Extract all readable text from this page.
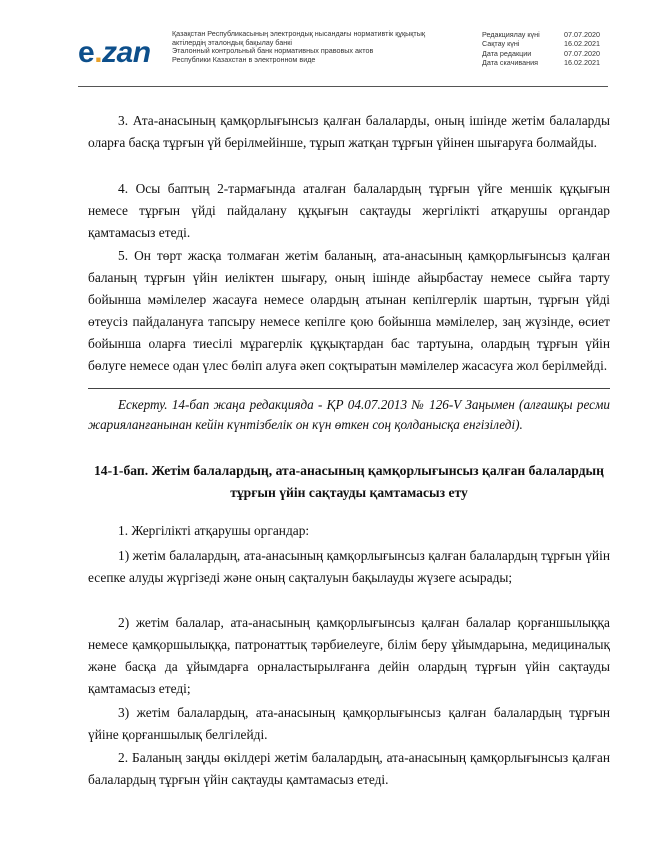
e.zan
Қазақстан Республикасының электрондық нысандағы нормативтік құқықтық
актілердің эталондық бақылау банкі
Эталонный контрольный банк нормативных правовых актов
Республики Казахстан в электронном виде
Редакциялау күні	07.07.2020
Сақтау күні	16.02.2021
Дата редакции	07.07.2020
Дата скачивания	16.02.2021
3. Ата-анасының қамқорлығынсыз қалған балаларды, оның ішінде жетім балаларды оларға басқа тұрғын үй берілмейінше, тұрып жатқан тұрғын үйінен шығаруға болмайды.
4. Осы баптың 2-тармағында аталған балалардың тұрғын үйге меншік құқығын немесе тұрғын үйді пайдалану құқығын сақтауды жергілікті атқарушы органдар қамтамасыз етеді.
5. Он төрт жасқа толмаған жетім баланың, ата-анасының қамқорлығынсыз қалған баланың тұрғын үйін иеліктен шығару, оның ішінде айырбастау немесе сыйға тарту бойынша мәмілелер жасауға немесе олардың атынан кепілгерлік шартын, тұрғын үйді өтеусіз пайдалануға тапсыру немесе кепілге қою бойынша мәмілелер, заң жүзінде, өсиет бойынша оларға тиесілі мұрагерлік құқықтардан бас тартуына, олардың тұрғын үйін бөлуге немесе одан үлес бөліп алуға әкеп соқтыратын мәмілелер жасасуға жол берілмейді.
Ескерту. 14-бап жаңа редакцияда - ҚР 04.07.2013 № 126-V Заңымен (алғашқы ресми жарияланғанынан кейін күнтізбелік он күн өткен соң қолданысқа енгізіледі).
14-1-бап. Жетім балалардың, ата-анасының қамқорлығынсыз қалған балалардың тұрғын үйін сақтауды қамтамасыз ету
1. Жергілікті атқарушы органдар:
1) жетім балалардың, ата-анасының қамқорлығынсыз қалған балалардың тұрғын үйін есепке алуды жүргізеді және оның сақталуын бақылауды жүзеге асырады;
2) жетім балалар, ата-анасының қамқорлығынсыз қалған балалар қорғаншылыққа немесе қамқоршылыққа, патронаттық тәрбиелеуге, білім беру ұйымдарына, медициналық және басқа да ұйымдарға орналастырылғанға дейін олардың тұрғын үйін сақтауды қамтамасыз етеді;
3) жетім балалардың, ата-анасының қамқорлығынсыз қалған балалардың тұрғын үйіне қорғаншылық белгілейді.
2. Баланың заңды өкілдері жетім балалардың, ата-анасының қамқорлығынсыз қалған балалардың тұрғын үйін сақтауды қамтамасыз етеді.
